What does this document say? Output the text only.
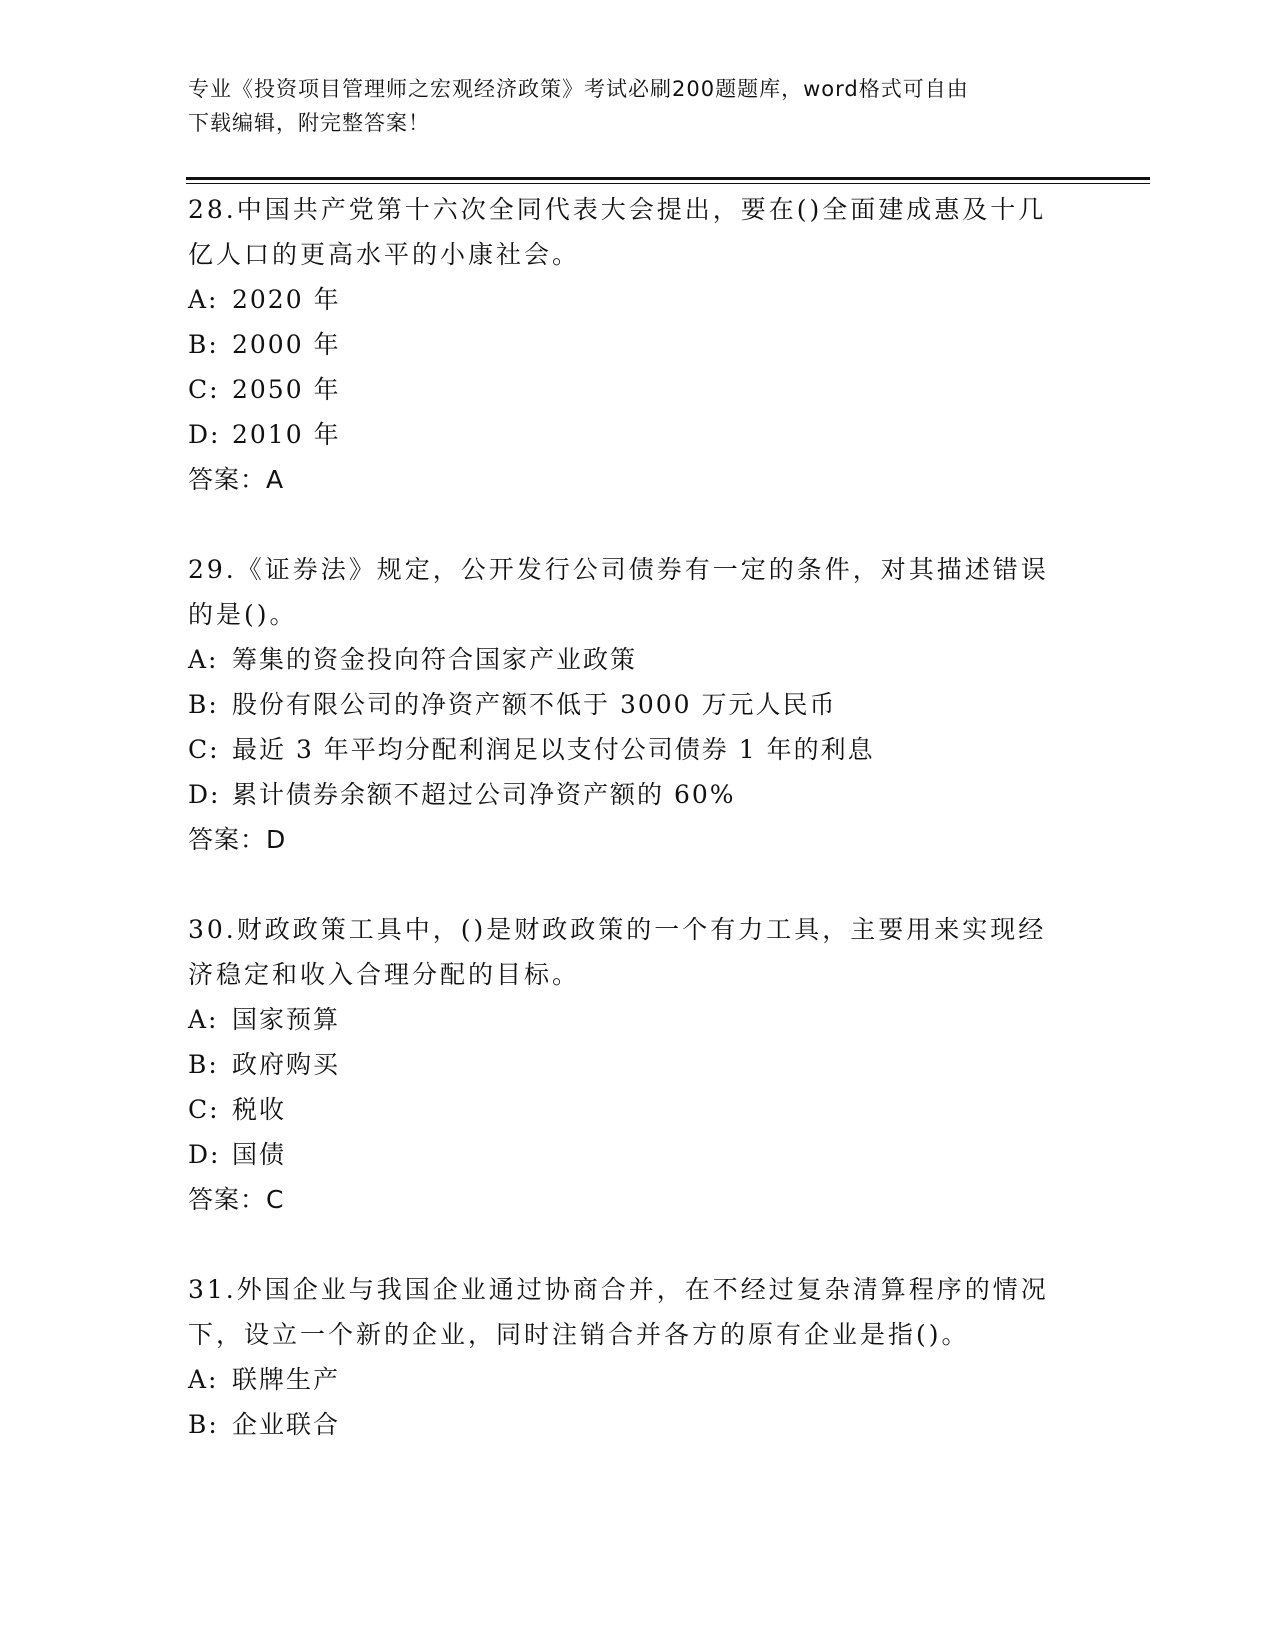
专业《投资项目管理师之宏观经济政策》考试必刷200题题库，word格式可自由
下载编辑，附完整答案！

28.中国共产党第十六次全同代表大会提出，要在()全面建成惠及十几

亿人口的更高水平的小康社会。

A: 2020 年

B: 2000 年

C: 2050 年

D: 2010 年

答案：A

29.《证券法》规定，公开发行公司债券有一定的条件，对其描述错误

的是()。

A: 筹集的资金投向符合国家产业政策

B: 股份有限公司的净资产额不低于 3000 万元人民币

C: 最近 3 年平均分配利润足以支付公司债券 1 年的利息

D: 累计债券余额不超过公司净资产额的 60%

答案：D

30.财政政策工具中，()是财政政策的一个有力工具，主要用来实现经

济稳定和收入合理分配的目标。

A: 国家预算

B: 政府购买

C: 税收

D: 国债

答案：C

31.外国企业与我国企业通过协商合并，在不经过复杂清算程序的情况

下，设立一个新的企业，同时注销合并各方的原有企业是指()。

A: 联牌生产

B: 企业联合
